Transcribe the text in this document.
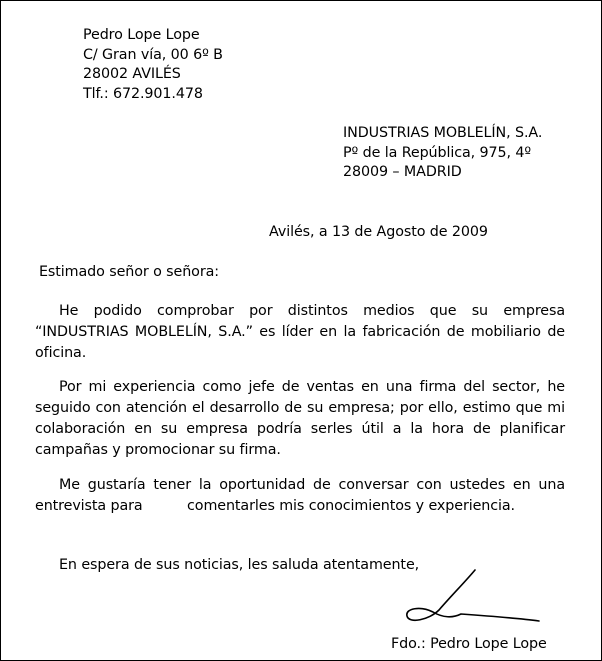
Pedro Lope Lope
C/ Gran vía, 00 6º B
28002 AVILÉS
Tlf.: 672.901.478
INDUSTRIAS MOBLELÍN, S.A.
Pº de la República, 975, 4º
28009 – MADRID
Avilés, a 13 de Agosto de 2009
Estimado señor o señora:

He podido comprobar por distintos medios que su empresa “INDUSTRIAS MOBLELÍN, S.A.” es líder en la fabricación de mobiliario de oficina.

Por mi experiencia como jefe de ventas en una firma del sector, he seguido con atención el desarrollo de su empresa; por ello, estimo que mi colaboración en su empresa podría serles útil a la hora de planificar campañas y promocionar su firma.

Me gustaría tener la oportunidad de conversar con ustedes en una entrevista para          comentarles mis conocimientos y experiencia.

En espera de sus noticias, les saluda atentamente,
Fdo.: Pedro Lope Lope
